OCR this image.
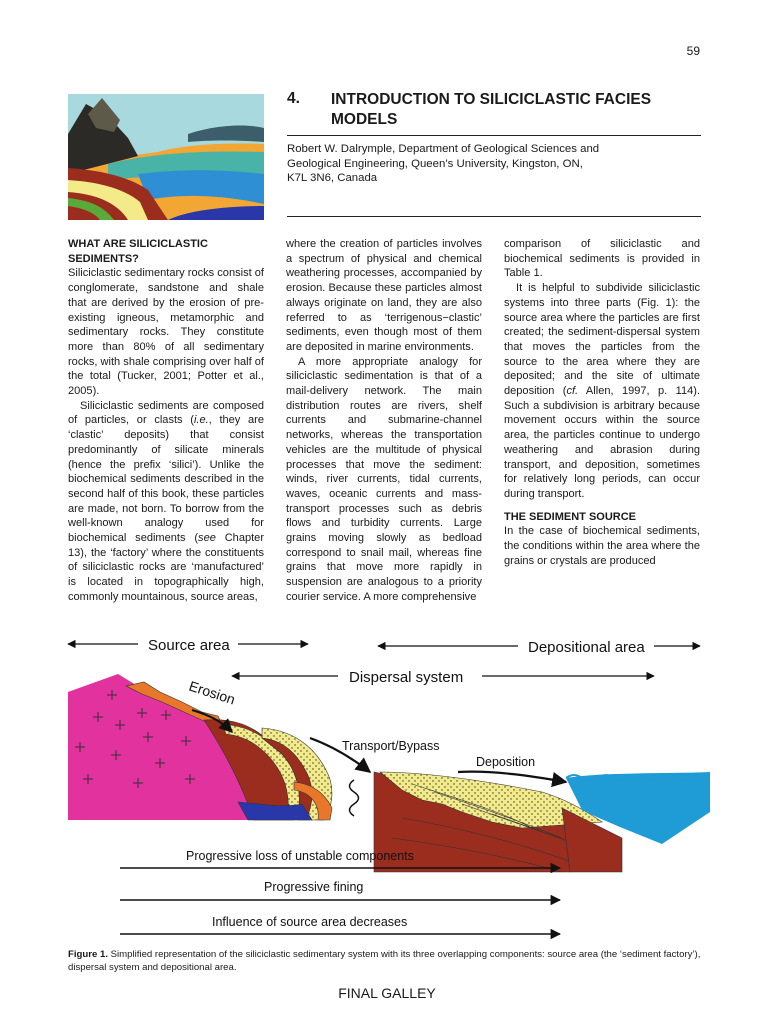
59
4. INTRODUCTION TO SILICICLASTIC FACIES MODELS
Robert W. Dalrymple, Department of Geological Sciences and
Geological Engineering, Queen’s University, Kingston, ON,
K7L 3N6, Canada
WHAT ARE SILICICLASTIC SEDIMENTS?

Siliciclastic sedimentary rocks consist of conglomerate, sandstone and shale that are derived by the erosion of pre-existing igneous, metamorphic and sedimentary rocks. They constitute more than 80% of all sedimentary rocks, with shale comprising over half of the total (Tucker, 2001; Potter et al., 2005).

Siliciclastic sediments are composed of particles, or clasts (i.e., they are ‘clastic’ deposits) that consist predominantly of silicate minerals (hence the prefix ‘silici’). Unlike the biochemical sediments described in the second half of this book, these particles are made, not born. To borrow from the well-known analogy used for biochemical sediments (see Chapter 13), the ‘factory’ where the constituents of siliciclastic rocks are ‘manufactured’ is located in topographically high, commonly mountainous, source areas,

where the creation of particles involves a spectrum of physical and chemical weathering processes, accompanied by erosion. Because these particles almost always originate on land, they are also referred to as ‘terrigenous−clastic’ sediments, even though most of them are deposited in marine environments.

A more appropriate analogy for siliciclastic sedimentation is that of a mail-delivery network. The main distribution routes are rivers, shelf currents and submarine-channel networks, whereas the transportation vehicles are the multitude of physical processes that move the sediment: winds, river currents, tidal currents, waves, oceanic currents and mass-transport processes such as debris flows and turbidity currents. Large grains moving slowly as bedload correspond to snail mail, whereas fine grains that move more rapidly in suspension are analogous to a priority courier service. A more comprehensive

comparison of siliciclastic and biochemical sediments is provided in Table 1.

It is helpful to subdivide siliciclastic systems into three parts (Fig. 1): the source area where the particles are first created; the sediment-dispersal system that moves the particles from the source to the area where they are deposited; and the site of ultimate deposition (cf. Allen, 1997, p. 114). Such a subdivision is arbitrary because movement occurs within the source area, the particles continue to undergo weathering and abrasion during transport, and deposition, sometimes for relatively long periods, can occur during transport.

THE SEDIMENT SOURCE

In the case of biochemical sediments, the conditions within the area where the grains or crystals are produced

Source area	Depositional area
Dispersal system
Erosion
Transport/Bypass
Deposition
Progressive loss of unstable components
Progressive fining
Influence of source area decreases
Figure 1. Simplified representation of the siliciclastic sedimentary system with its three overlapping components: source area (the ‘sediment factory’), dispersal system and depositional area.
FINAL GALLEY
